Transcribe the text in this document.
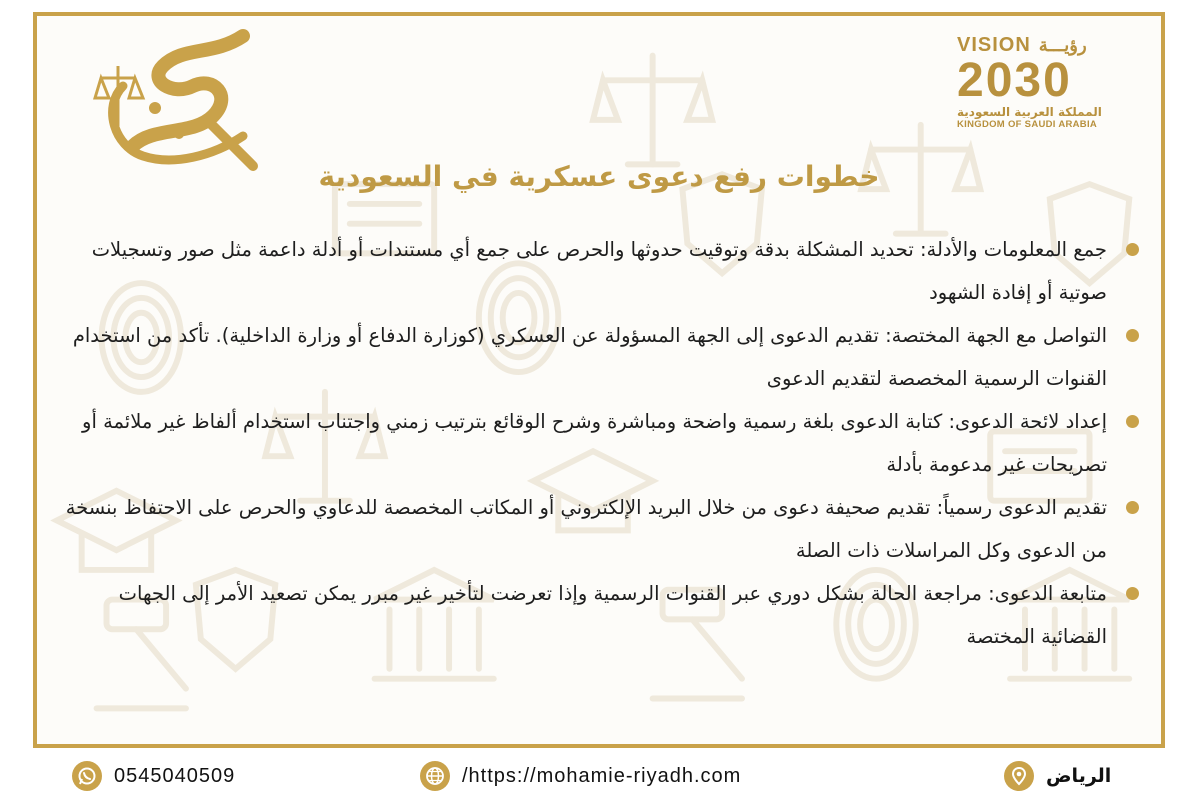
VISION رؤيـــة
2030
المملكة العربية السعودية
KINGDOM OF SAUDI ARABIA
خطوات رفع دعوى عسكرية في السعودية
جمع المعلومات والأدلة: تحديد المشكلة بدقة وتوقيت حدوثها والحرص على جمع أي مستندات أو أدلة داعمة مثل صور وتسجيلات صوتية أو إفادة الشهود
التواصل مع الجهة المختصة: تقديم الدعوى إلى الجهة المسؤولة عن العسكري (كوزارة الدفاع أو وزارة الداخلية). تأكد من استخدام القنوات الرسمية المخصصة لتقديم الدعوى
إعداد لائحة الدعوى: كتابة الدعوى بلغة رسمية واضحة ومباشرة وشرح الوقائع بترتيب زمني واجتناب استخدام ألفاظ غير ملائمة أو تصريحات غير مدعومة بأدلة
تقديم الدعوى رسمياً: تقديم صحيفة دعوى من خلال البريد الإلكتروني أو المكاتب المخصصة للدعاوي والحرص على الاحتفاظ بنسخة من الدعوى وكل المراسلات ذات الصلة
متابعة الدعوى: مراجعة الحالة بشكل دوري عبر القنوات الرسمية وإذا تعرضت لتأخير غير مبرر يمكن تصعيد الأمر إلى الجهات القضائية المختصة
0545040509	/https://mohamie-riyadh.com	الرياض
